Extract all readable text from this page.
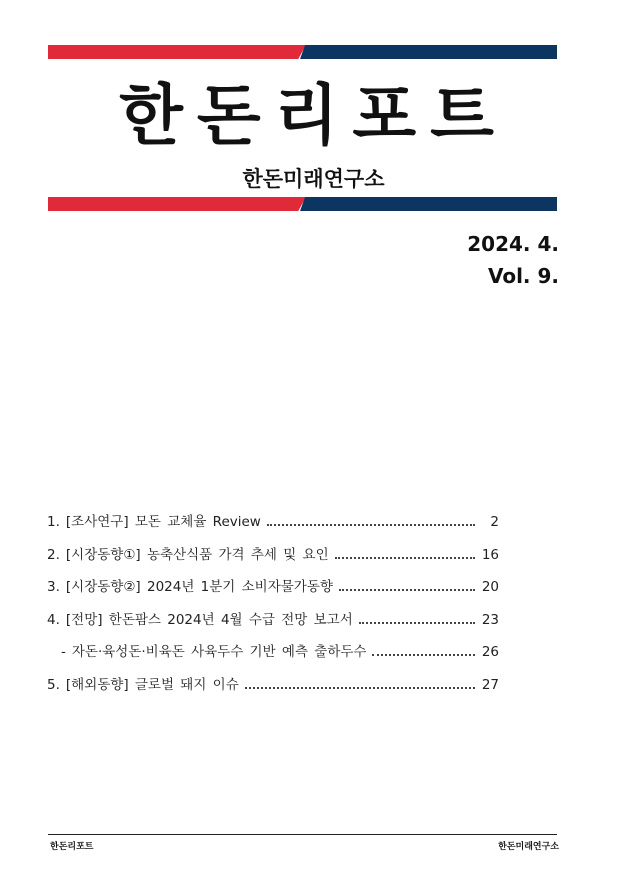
한돈리포트
한돈미래연구소
2024. 4.
Vol. 9.
1. [조사연구] 모돈 교체율 Review	2
2. [시장동향①] 농축산식품 가격 추세 및 요인	16
3. [시장동향②] 2024년 1분기 소비자물가동향	20
4. [전망] 한돈팜스 2024년 4월 수급 전망 보고서	23
- 자돈·육성돈·비육돈 사육두수 기반 예측 출하두수	26
5. [해외동향] 글로벌 돼지 이슈	27
한돈리포트	한돈미래연구소
